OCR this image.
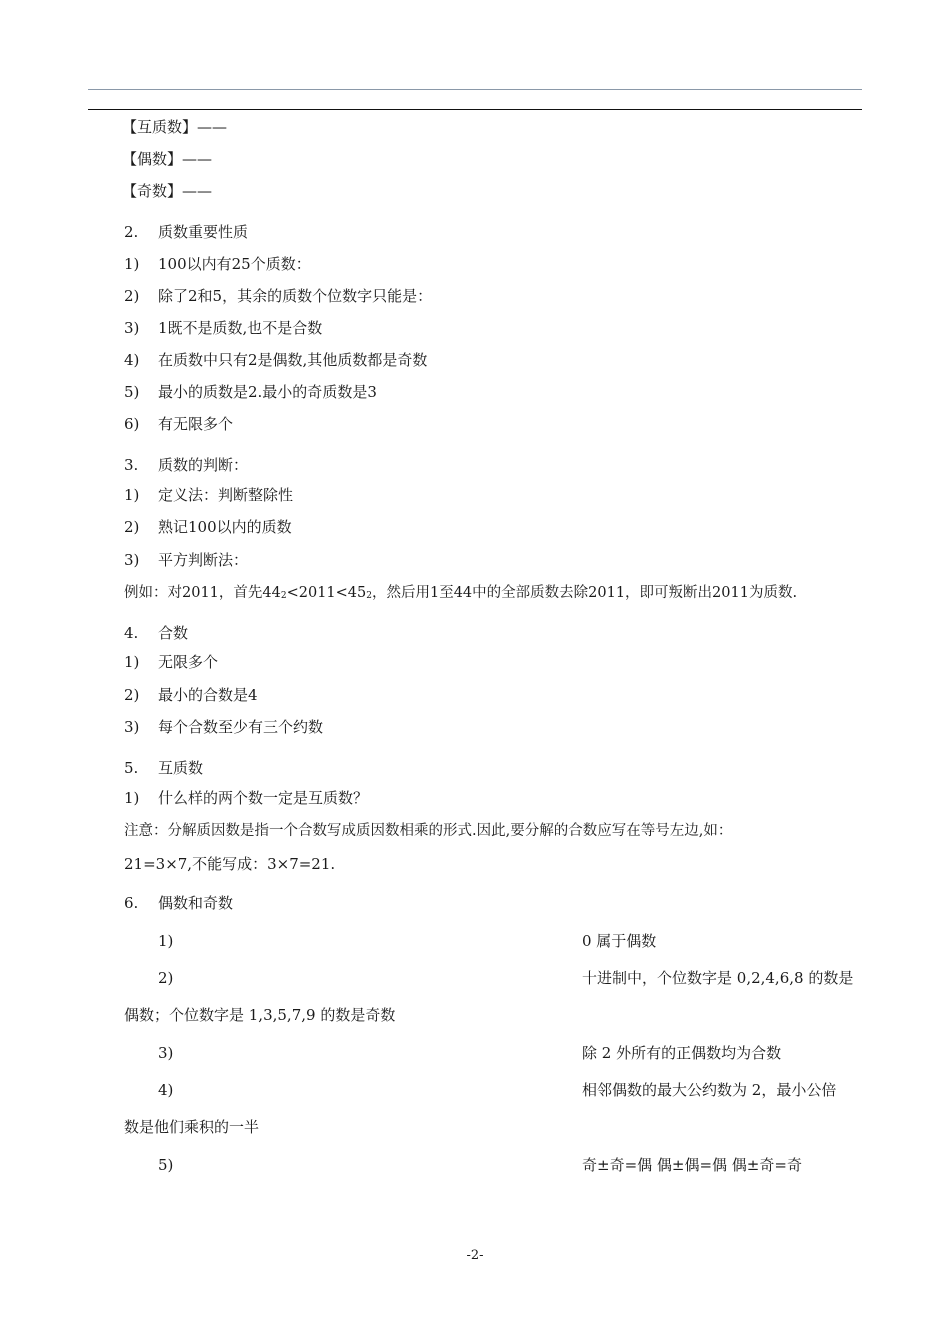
【互质数】——
【偶数】——
【奇数】——
2. 质数重要性质
1) 100以内有25个质数：
2) 除了2和5，其余的质数个位数字只能是：
3) 1既不是质数,也不是合数
4) 在质数中只有2是偶数,其他质数都是奇数
5) 最小的质数是2.最小的奇质数是3
6) 有无限多个
3. 质数的判断：
1) 定义法：判断整除性
2) 熟记100以内的质数
3) 平方判断法：
例如：对2011，首先$44_2<2011<45_2$，然后用1至44中的全部质数去除2011，即可叛断出2011为质数.
4. 合数
1) 无限多个
2) 最小的合数是4
3) 每个合数至少有三个约数
5. 互质数
1) 什么样的两个数一定是互质数？
注意：分解质因数是指一个合数写成质因数相乘的形式.因此,要分解的合数应写在等号左边,如：
21=3×7,不能写成：3×7=21.
6. 偶数和奇数
1)	0 属于偶数
2)	十进制中，个位数字是 0,2,4,6,8 的数是
偶数；个位数字是 1,3,5,7,9 的数是奇数
3)	除 2 外所有的正偶数均为合数
4)	相邻偶数的最大公约数为 2，最小公倍
数是他们乘积的一半
5)	奇±奇=偶 偶±偶=偶 偶±奇=奇
-2-
